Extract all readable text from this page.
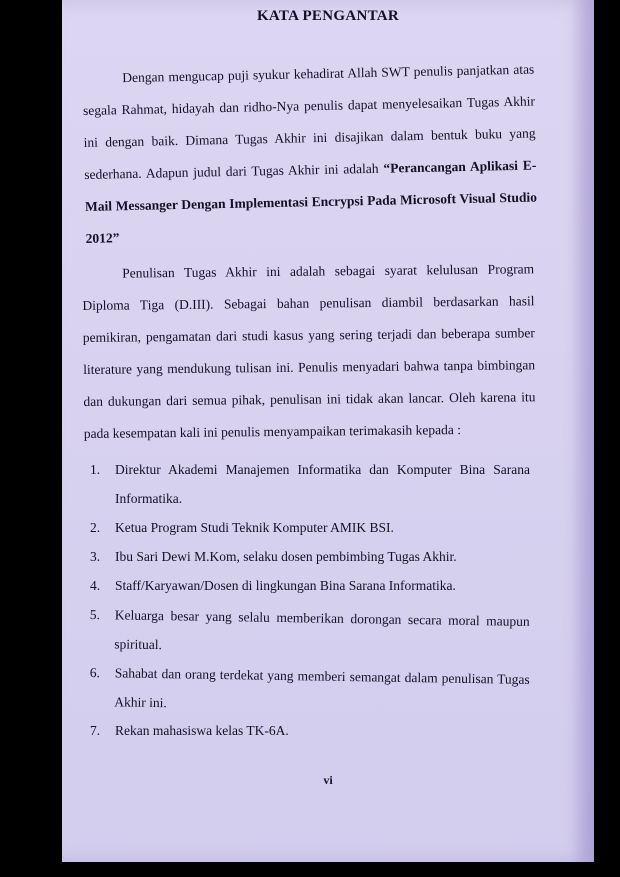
KATA PENGANTAR

Dengan mengucap puji syukur kehadirat Allah SWT penulis panjatkan atas segala Rahmat, hidayah dan ridho-Nya penulis dapat menyelesaikan Tugas Akhir ini dengan baik. Dimana Tugas Akhir ini disajikan dalam bentuk buku yang sederhana. Adapun judul dari Tugas Akhir ini adalah “Perancangan Aplikasi E-Mail Messanger Dengan Implementasi Encrypsi Pada Microsoft Visual Studio 2012”

Penulisan Tugas Akhir ini adalah sebagai syarat kelulusan Program Diploma Tiga (D.III). Sebagai bahan penulisan diambil berdasarkan hasil pemikiran, pengamatan dari studi kasus yang sering terjadi dan beberapa sumber literature yang mendukung tulisan ini. Penulis menyadari bahwa tanpa bimbingan dan dukungan dari semua pihak, penulisan ini tidak akan lancar. Oleh karena itu pada kesempatan kali ini penulis menyampaikan terimakasih kepada :

1. Direktur Akademi Manajemen Informatika dan Komputer Bina Sarana Informatika.
2. Ketua Program Studi Teknik Komputer AMIK BSI.
3. Ibu Sari Dewi M.Kom, selaku dosen pembimbing Tugas Akhir.
4. Staff/Karyawan/Dosen di lingkungan Bina Sarana Informatika.
5. Keluarga besar yang selalu memberikan dorongan secara moral maupun spiritual.
6. Sahabat dan orang terdekat yang memberi semangat dalam penulisan Tugas Akhir ini.
7. Rekan mahasiswa kelas TK-6A.
vi
